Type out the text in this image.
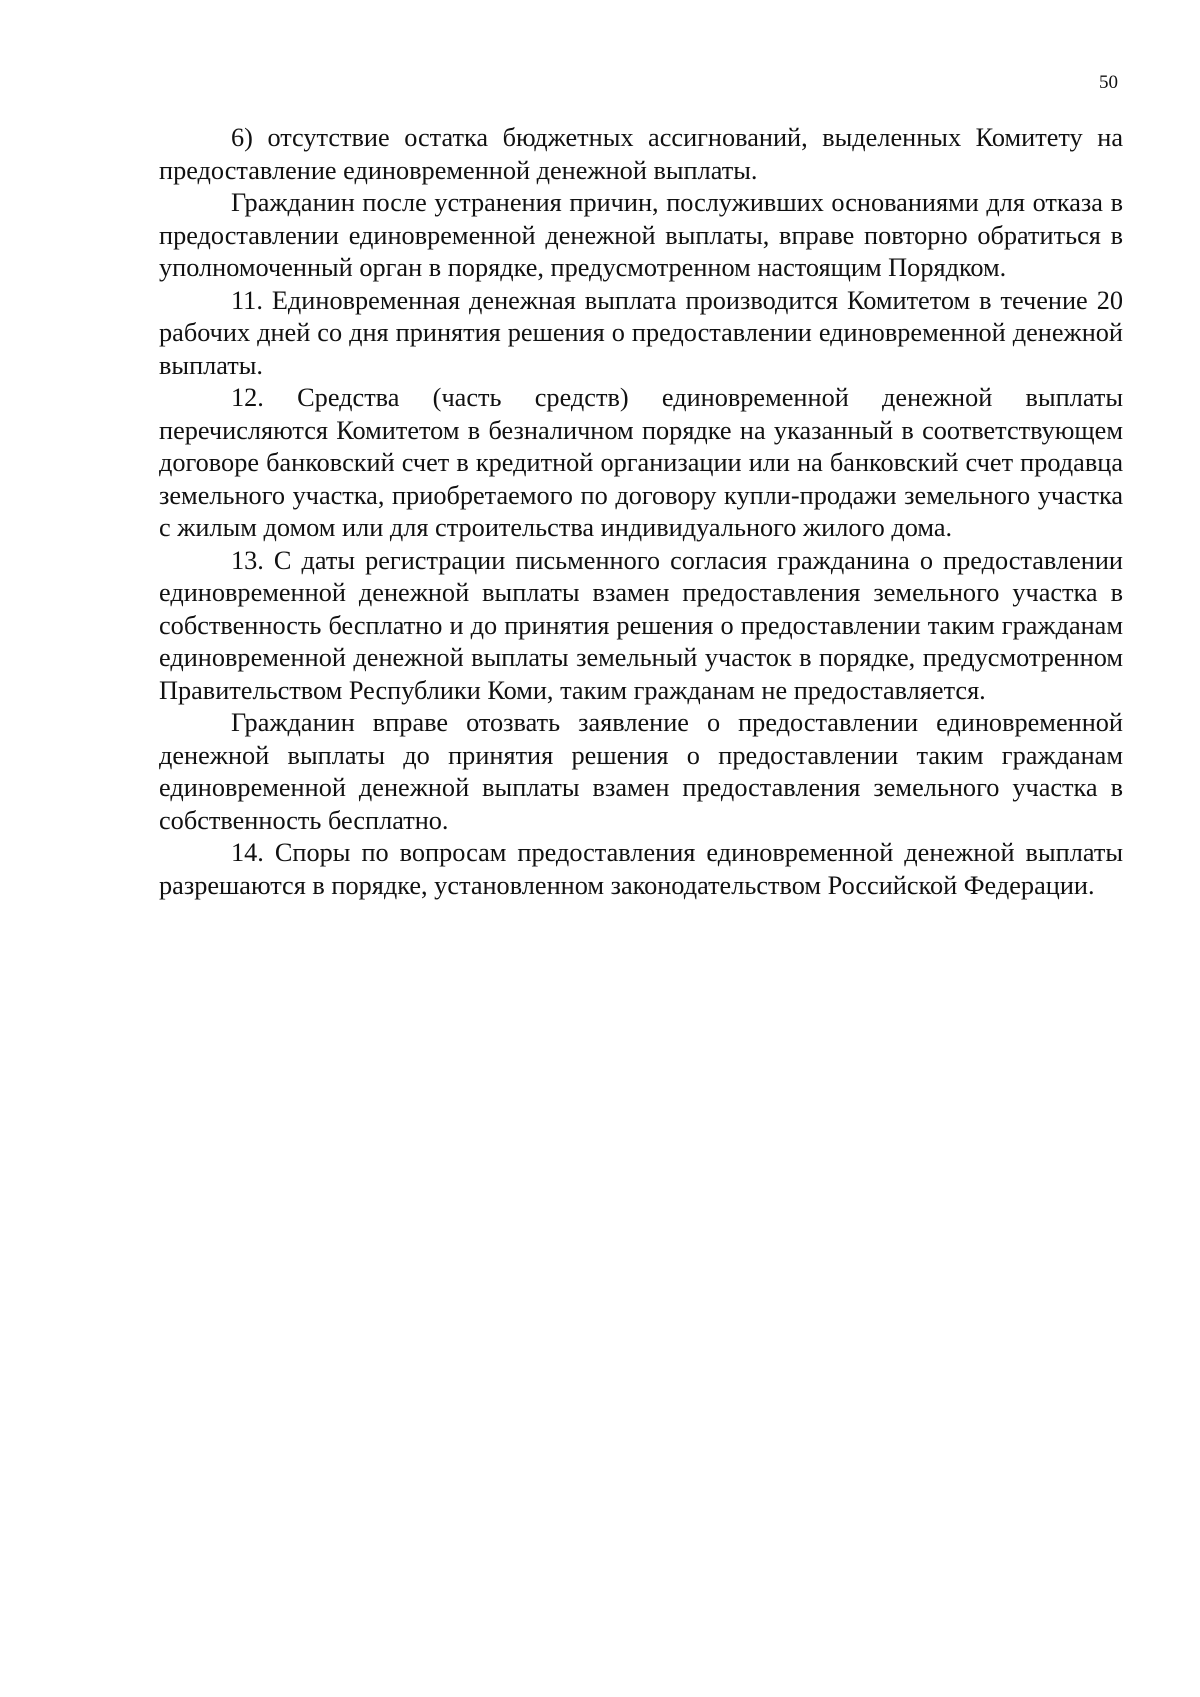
50

6) отсутствие остатка бюджетных ассигнований, выделенных Комитету на предоставление единовременной денежной выплаты.

Гражданин после устранения причин, послуживших основаниями для отказа в предоставлении единовременной денежной выплаты, вправе повторно обратиться в уполномоченный орган в порядке, предусмотренном настоящим Порядком.

11. Единовременная денежная выплата производится Комитетом в течение 20 рабочих дней со дня принятия решения о предоставлении единовременной денежной выплаты.

12. Средства (часть средств) единовременной денежной выплаты перечисляются Комитетом в безналичном порядке на указанный в соответствующем договоре банковский счет в кредитной организации или на банковский счет продавца земельного участка, приобретаемого по договору купли-продажи земельного участка с жилым домом или для строительства индивидуального жилого дома.

13. С даты регистрации письменного согласия гражданина о предоставлении единовременной денежной выплаты взамен предоставления земельного участка в собственность бесплатно и до принятия решения о предоставлении таким гражданам единовременной денежной выплаты земельный участок в порядке, предусмотренном Правительством Республики Коми, таким гражданам не предоставляется.

Гражданин вправе отозвать заявление о предоставлении единовременной денежной выплаты до принятия решения о предоставлении таким гражданам единовременной денежной выплаты взамен предоставления земельного участка в собственность бесплатно.

14. Споры по вопросам предоставления единовременной денежной выплаты разрешаются в порядке, установленном законодательством Российской Федерации.
